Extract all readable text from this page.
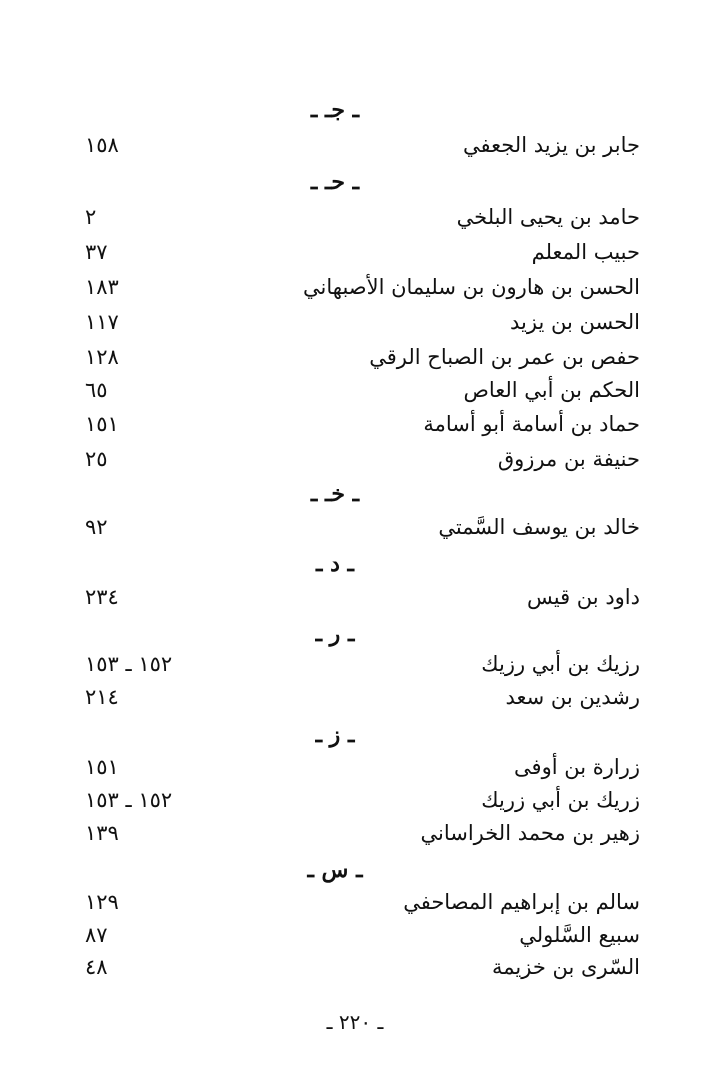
ـ جـ ـ
جابر بن يزيد الجعفي
١٥٨
ـ حـ ـ
حامد بن يحيى البلخي
٢
حبيب المعلم
٣٧
الحسن بن هارون بن سليمان الأصبهاني
١٨٣
الحسن بن يزيد
١١٧
حفص بن عمر بن الصباح الرقي
١٢٨
الحكم بن أبي العاص
٦٥
حماد بن أسامة أبو أسامة
١٥١
حنيفة بن مرزوق
٢٥
ـ خـ ـ
خالد بن يوسف السَّمتي
٩٢
ـ د ـ
داود بن قيس
٢٣٤
ـ ر ـ
رزيك بن أبي رزيك
١٥٢ ـ ١٥٣
رشدين بن سعد
٢١٤
ـ ز ـ
زرارة بن أوفى
١٥١
زريك بن أبي زريك
١٥٢ ـ ١٥٣
زهير بن محمد الخراساني
١٣٩
ـ س ـ
سالم بن إبراهيم المصاحفي
١٢٩
سبيع السَّلولي
٨٧
السّرى بن خزيمة
٤٨
ـ ٢٢٠ ـ
